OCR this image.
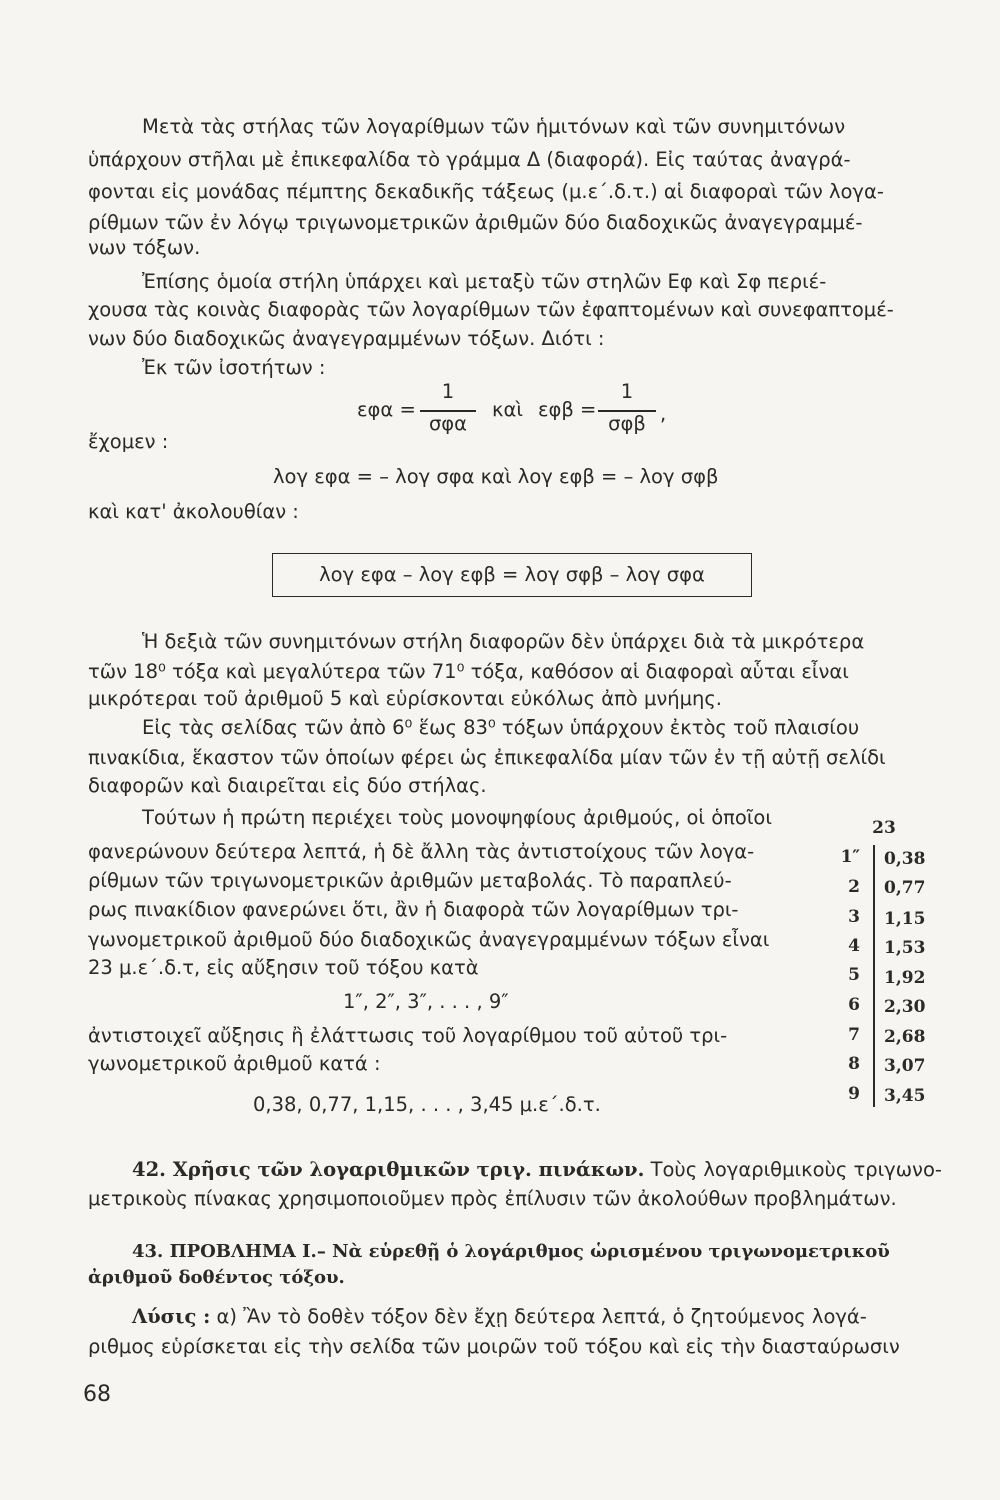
Μετὰ τὰς στήλας τῶν λογαρίθμων τῶν ἡμιτόνων καὶ τῶν συνημιτόνων
ὑπάρχουν στῆλαι μὲ ἐπικεφαλίδα τὸ γράμμα Δ (διαφορά). Εἰς ταύτας ἀναγρά-
φονται εἰς μονάδας πέμπτης δεκαδικῆς τάξεως (μ.ε΄.δ.τ.) αἱ διαφοραὶ τῶν λογα-
ρίθμων τῶν ἐν λόγῳ τριγωνομετρικῶν ἀριθμῶν δύο διαδοχικῶς ἀναγεγραμμέ-
νων τόξων.
Ἐπίσης ὁμοία στήλη ὑπάρχει καὶ μεταξὺ τῶν στηλῶν Εφ καὶ Σφ περιέ-
χουσα τὰς κοινὰς διαφορὰς τῶν λογαρίθμων τῶν ἐφαπτομένων καὶ συνεφαπτομέ-
νων δύο διαδοχικῶς ἀναγεγραμμένων τόξων. Διότι :
Ἐκ τῶν ἰσοτήτων :
εφα =
1
σφα
καὶ εφβ =
1
σφβ ,
ἔχομεν :
λογ εφα = – λογ σφα καὶ λογ εφβ = – λογ σφβ
καὶ κατ' ἀκολουθίαν :
λογ εφα – λογ εφβ = λογ σφβ – λογ σφα
Ἡ δεξιὰ τῶν συνημιτόνων στήλη διαφορῶν δὲν ὑπάρχει διὰ τὰ μικρότερα
τῶν 18⁰ τόξα καὶ μεγαλύτερα τῶν 71⁰ τόξα, καθόσον αἱ διαφοραὶ αὗται εἶναι
μικρότεραι τοῦ ἀριθμοῦ 5 καὶ εὑρίσκονται εὐκόλως ἀπὸ μνήμης.
Εἰς τὰς σελίδας τῶν ἀπὸ 6⁰ ἕως 83⁰ τόξων ὑπάρχουν ἐκτὸς τοῦ πλαισίου
πινακίδια, ἕκαστον τῶν ὁποίων φέρει ὡς ἐπικεφαλίδα μίαν τῶν ἐν τῇ αὐτῇ σελίδι
διαφορῶν καὶ διαιρεῖται εἰς δύο στήλας.
Τούτων ἡ πρώτη περιέχει τοὺς μονοψηφίους ἀριθμούς, οἱ ὁποῖοι
φανερώνουν δεύτερα λεπτά, ἡ δὲ ἄλλη τὰς ἀντιστοίχους τῶν λογα-
ρίθμων τῶν τριγωνομετρικῶν ἀριθμῶν μεταβολάς. Τὸ παραπλεύ-
ρως πινακίδιον φανερώνει ὅτι, ἂν ἡ διαφορὰ τῶν λογαρίθμων τρι-
γωνομετρικοῦ ἀριθμοῦ δύο διαδοχικῶς ἀναγεγραμμένων τόξων εἶναι
23 μ.ε΄.δ.τ, εἰς αὔξησιν τοῦ τόξου κατὰ
1″, 2″, 3″, . . . , 9″
ἀντιστοιχεῖ αὔξησις ἢ ἐλάττωσις τοῦ λογαρίθμου τοῦ αὐτοῦ τρι-
γωνομετρικοῦ ἀριθμοῦ κατά :
0,38, 0,77, 1,15, . . . , 3,45 μ.ε΄.δ.τ.
23
1″ 0,38
2 0,77
3 1,15
4 1,53
5 1,92
6 2,30
7 2,68
8 3,07
9 3,45
42. Χρῆσις τῶν λογαριθμικῶν τριγ. πινάκων. Τοὺς λογαριθμικοὺς τριγωνο-
μετρικοὺς πίνακας χρησιμοποιοῦμεν πρὸς ἐπίλυσιν τῶν ἀκολούθων προβλημάτων.
43. ΠΡΟΒΛΗΜΑ Ι.– Νὰ εὑρεθῇ ὁ λογάριθμος ὡρισμένου τριγωνομετρικοῦ
ἀριθμοῦ δοθέντος τόξου.
Λύσις : α) Ἂν τὸ δοθὲν τόξον δὲν ἔχῃ δεύτερα λεπτά, ὁ ζητούμενος λογά-
ριθμος εὑρίσκεται εἰς τὴν σελίδα τῶν μοιρῶν τοῦ τόξου καὶ εἰς τὴν διασταύρωσιν
68
